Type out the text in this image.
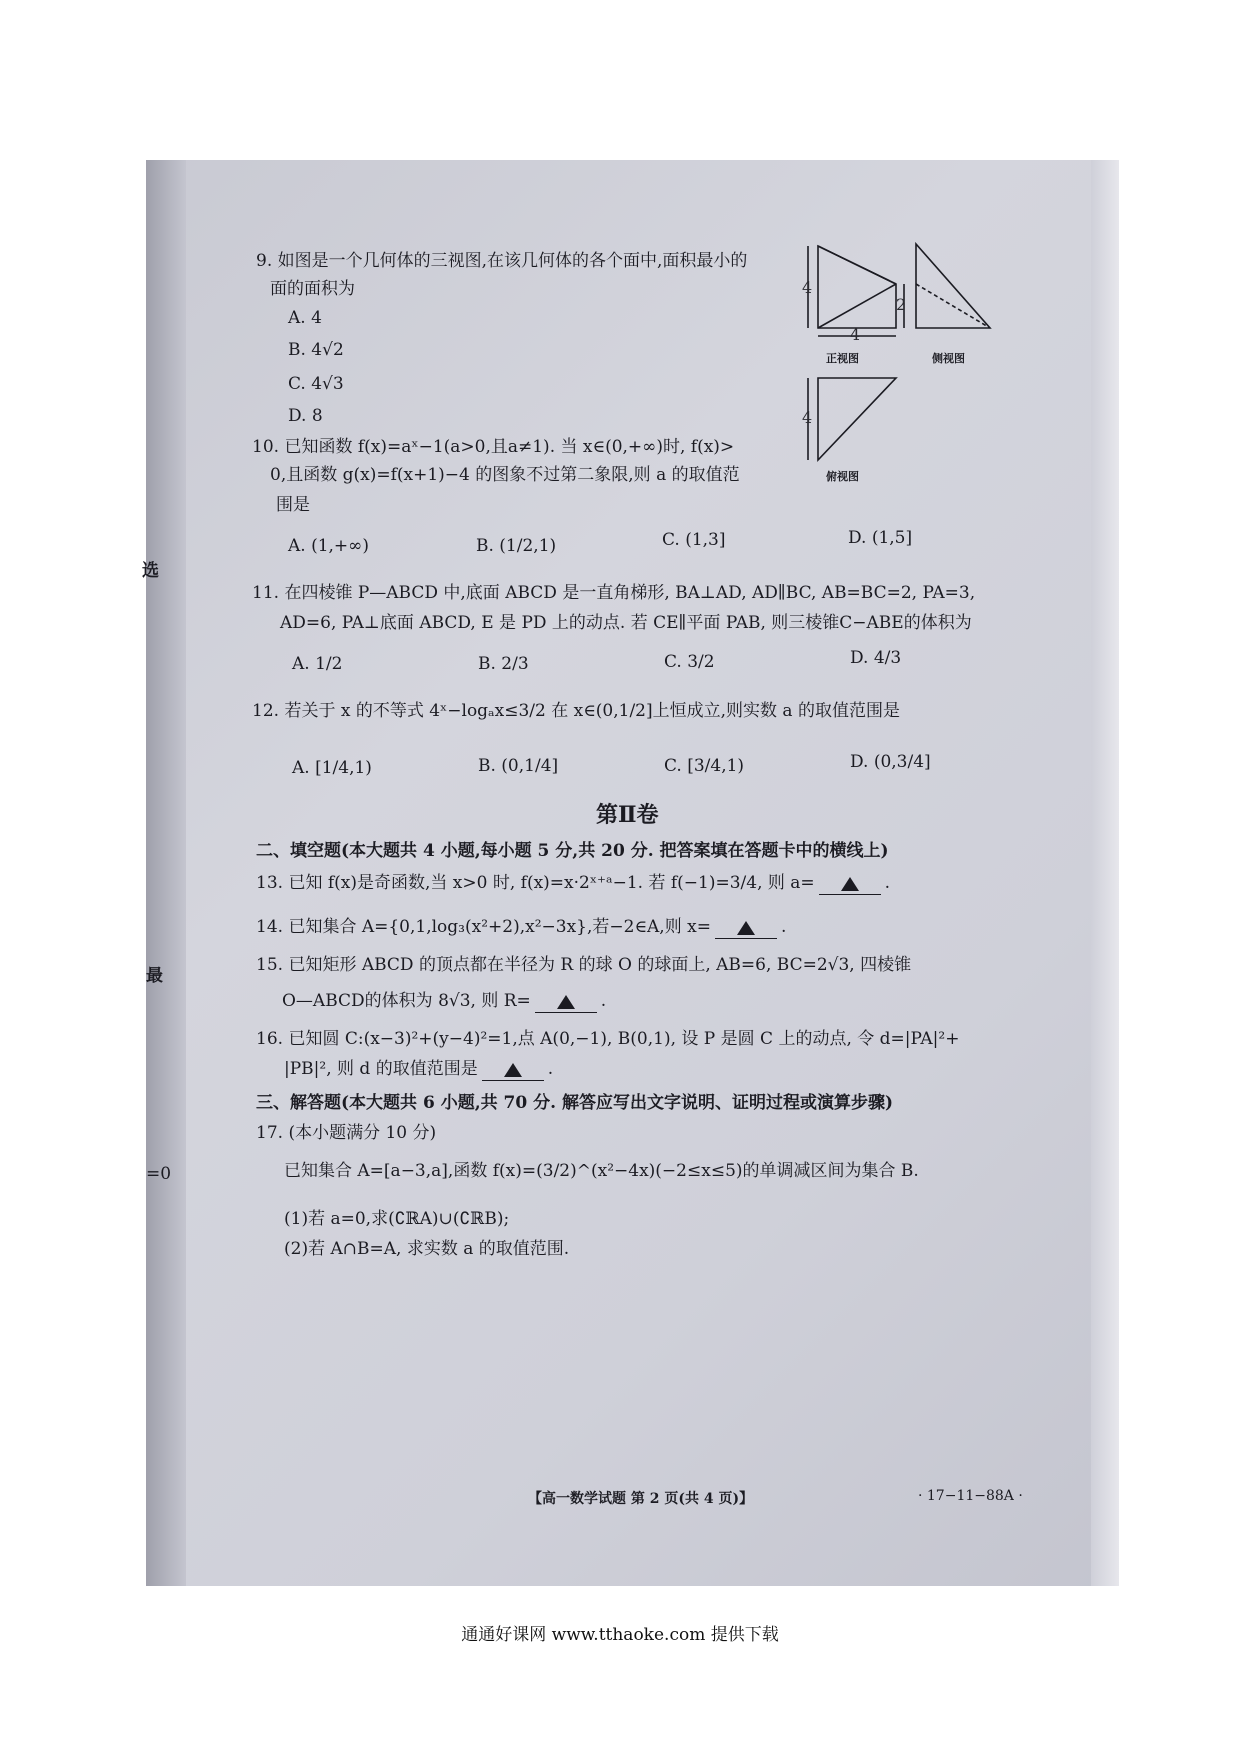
选
最
=0
9. 如图是一个几何体的三视图,在该几何体的各个面中,面积最小的
面的面积为
A. 4
B. 4√2
C. 4√3
D. 8
4
2
4
4
正视图	侧视图
俯视图
10. 已知函数 f(x)=aˣ−1(a>0,且a≠1). 当 x∈(0,+∞)时, f(x)>
0,且函数 g(x)=f(x+1)−4 的图象不过第二象限,则 a 的取值范
围是
A. (1,+∞)	B. (1/2,1)	C. (1,3]	D. (1,5]
11. 在四棱锥 P—ABCD 中,底面 ABCD 是一直角梯形, BA⊥AD, AD∥BC, AB=BC=2, PA=3,
AD=6, PA⊥底面 ABCD, E 是 PD 上的动点. 若 CE∥平面 PAB, 则三棱锥C−ABE的体积为
A. 1/2	B. 2/3	C. 3/2	D. 4/3
12. 若关于 x 的不等式 4ˣ−logₐx≤3/2 在 x∈(0,1/2]上恒成立,则实数 a 的取值范围是
A. [1/4,1)	B. (0,1/4]	C. [3/4,1)	D. (0,3/4]
第Ⅱ卷
二、填空题(本大题共 4 小题,每小题 5 分,共 20 分. 把答案填在答题卡中的横线上)
13. 已知 f(x)是奇函数,当 x>0 时, f(x)=x·2ˣ⁺ᵃ−1. 若 f(−1)=3/4, 则 a=	.
14. 已知集合 A={0,1,log₃(x²+2),x²−3x},若−2∈A,则 x=	.
15. 已知矩形 ABCD 的顶点都在半径为 R 的球 O 的球面上, AB=6, BC=2√3, 四棱锥
O—ABCD的体积为 8√3, 则 R=	.
16. 已知圆 C:(x−3)²+(y−4)²=1,点 A(0,−1), B(0,1), 设 P 是圆 C 上的动点, 令 d=|PA|²+
|PB|², 则 d 的取值范围是	.
三、解答题(本大题共 6 小题,共 70 分. 解答应写出文字说明、证明过程或演算步骤)
17. (本小题满分 10 分)
已知集合 A=[a−3,a],函数 f(x)=(3/2)^(x²−4x)(−2≤x≤5)的单调减区间为集合 B.
(1)若 a=0,求(∁ℝA)∪(∁ℝB);
(2)若 A∩B=A, 求实数 a 的取值范围.
【高一数学试题 第 2 页(共 4 页)】	· 17−11−88A ·
通通好课网 www.tthaoke.com 提供下载
